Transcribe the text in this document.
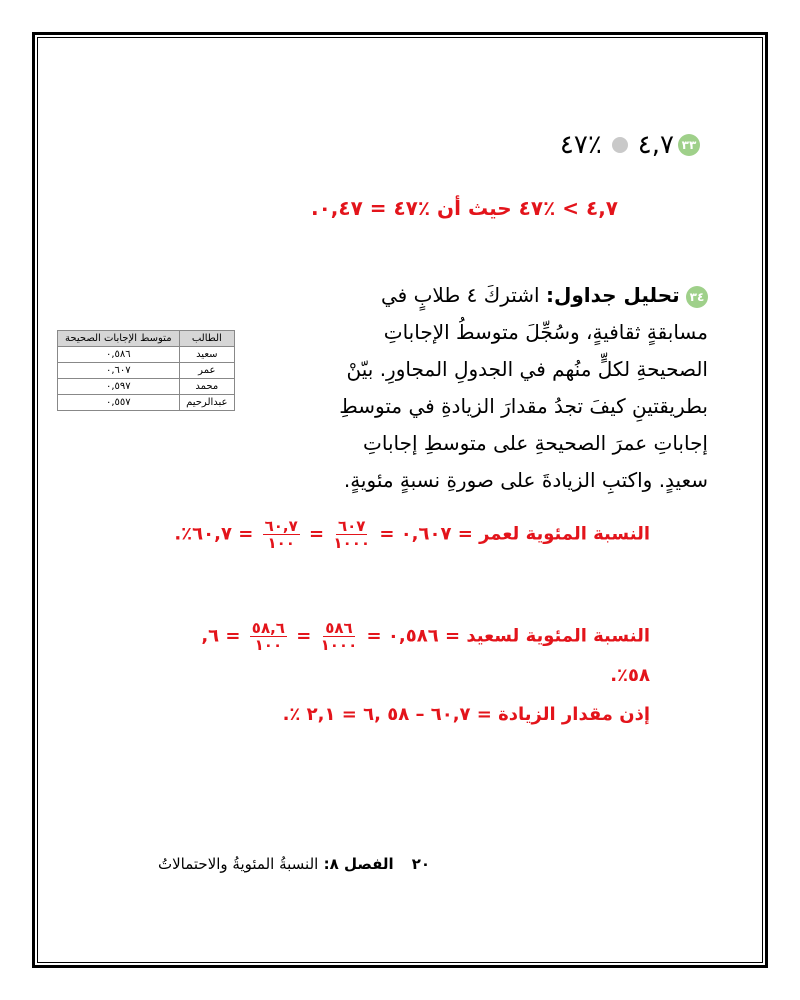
٣٣
٤,٧
٪٤٧
٤,٧ > ٪٤٧ حيث أن ٪٤٧ = ٠,٤٧.
٣٤ تحليل جداول: اشتركَ ٤ طلابٍ في مسابقةٍ ثقافيةٍ، وسُجِّلَ متوسطُ الإجاباتِ الصحيحةِ لكلٍّ منُهم في الجدولِ المجاورِ. بيّنْ بطريقتينِ كيفَ تجدُ مقدارَ الزيادةِ في متوسطِ إجاباتِ عمرَ الصحيحةِ على متوسطِ إجاباتِ سعيدٍ. واكتبِ الزيادةَ على صورةِ نسبةٍ مئويةٍ.
الطالب	متوسط الإجابات الصحيحة
سعيد	٠,٥٨٦
عمر	٠,٦٠٧
محمد	٠,٥٩٧
عبدالرحيم	٠,٥٥٧
النسبة المئوية لعمر = ٠,٦٠٧ =
$\frac{٦٠٧}{١٠٠٠}$
=
$\frac{٦٠,٧}{١٠٠}$
= ٦٠,٧٪.
النسبة المئوية لسعيد = ٠,٥٨٦ =
$\frac{٥٨٦}{١٠٠٠}$
=
$\frac{٥٨,٦}{١٠٠}$
= ٦,
٥٨٪.
إذن مقدار الزيادة = ٦٠,٧ – ٥٨ ,٦ = ٢,١ ٪.
٢٠
الفصل ٨: النسبةُ المئويةُ والاحتمالاتُ
